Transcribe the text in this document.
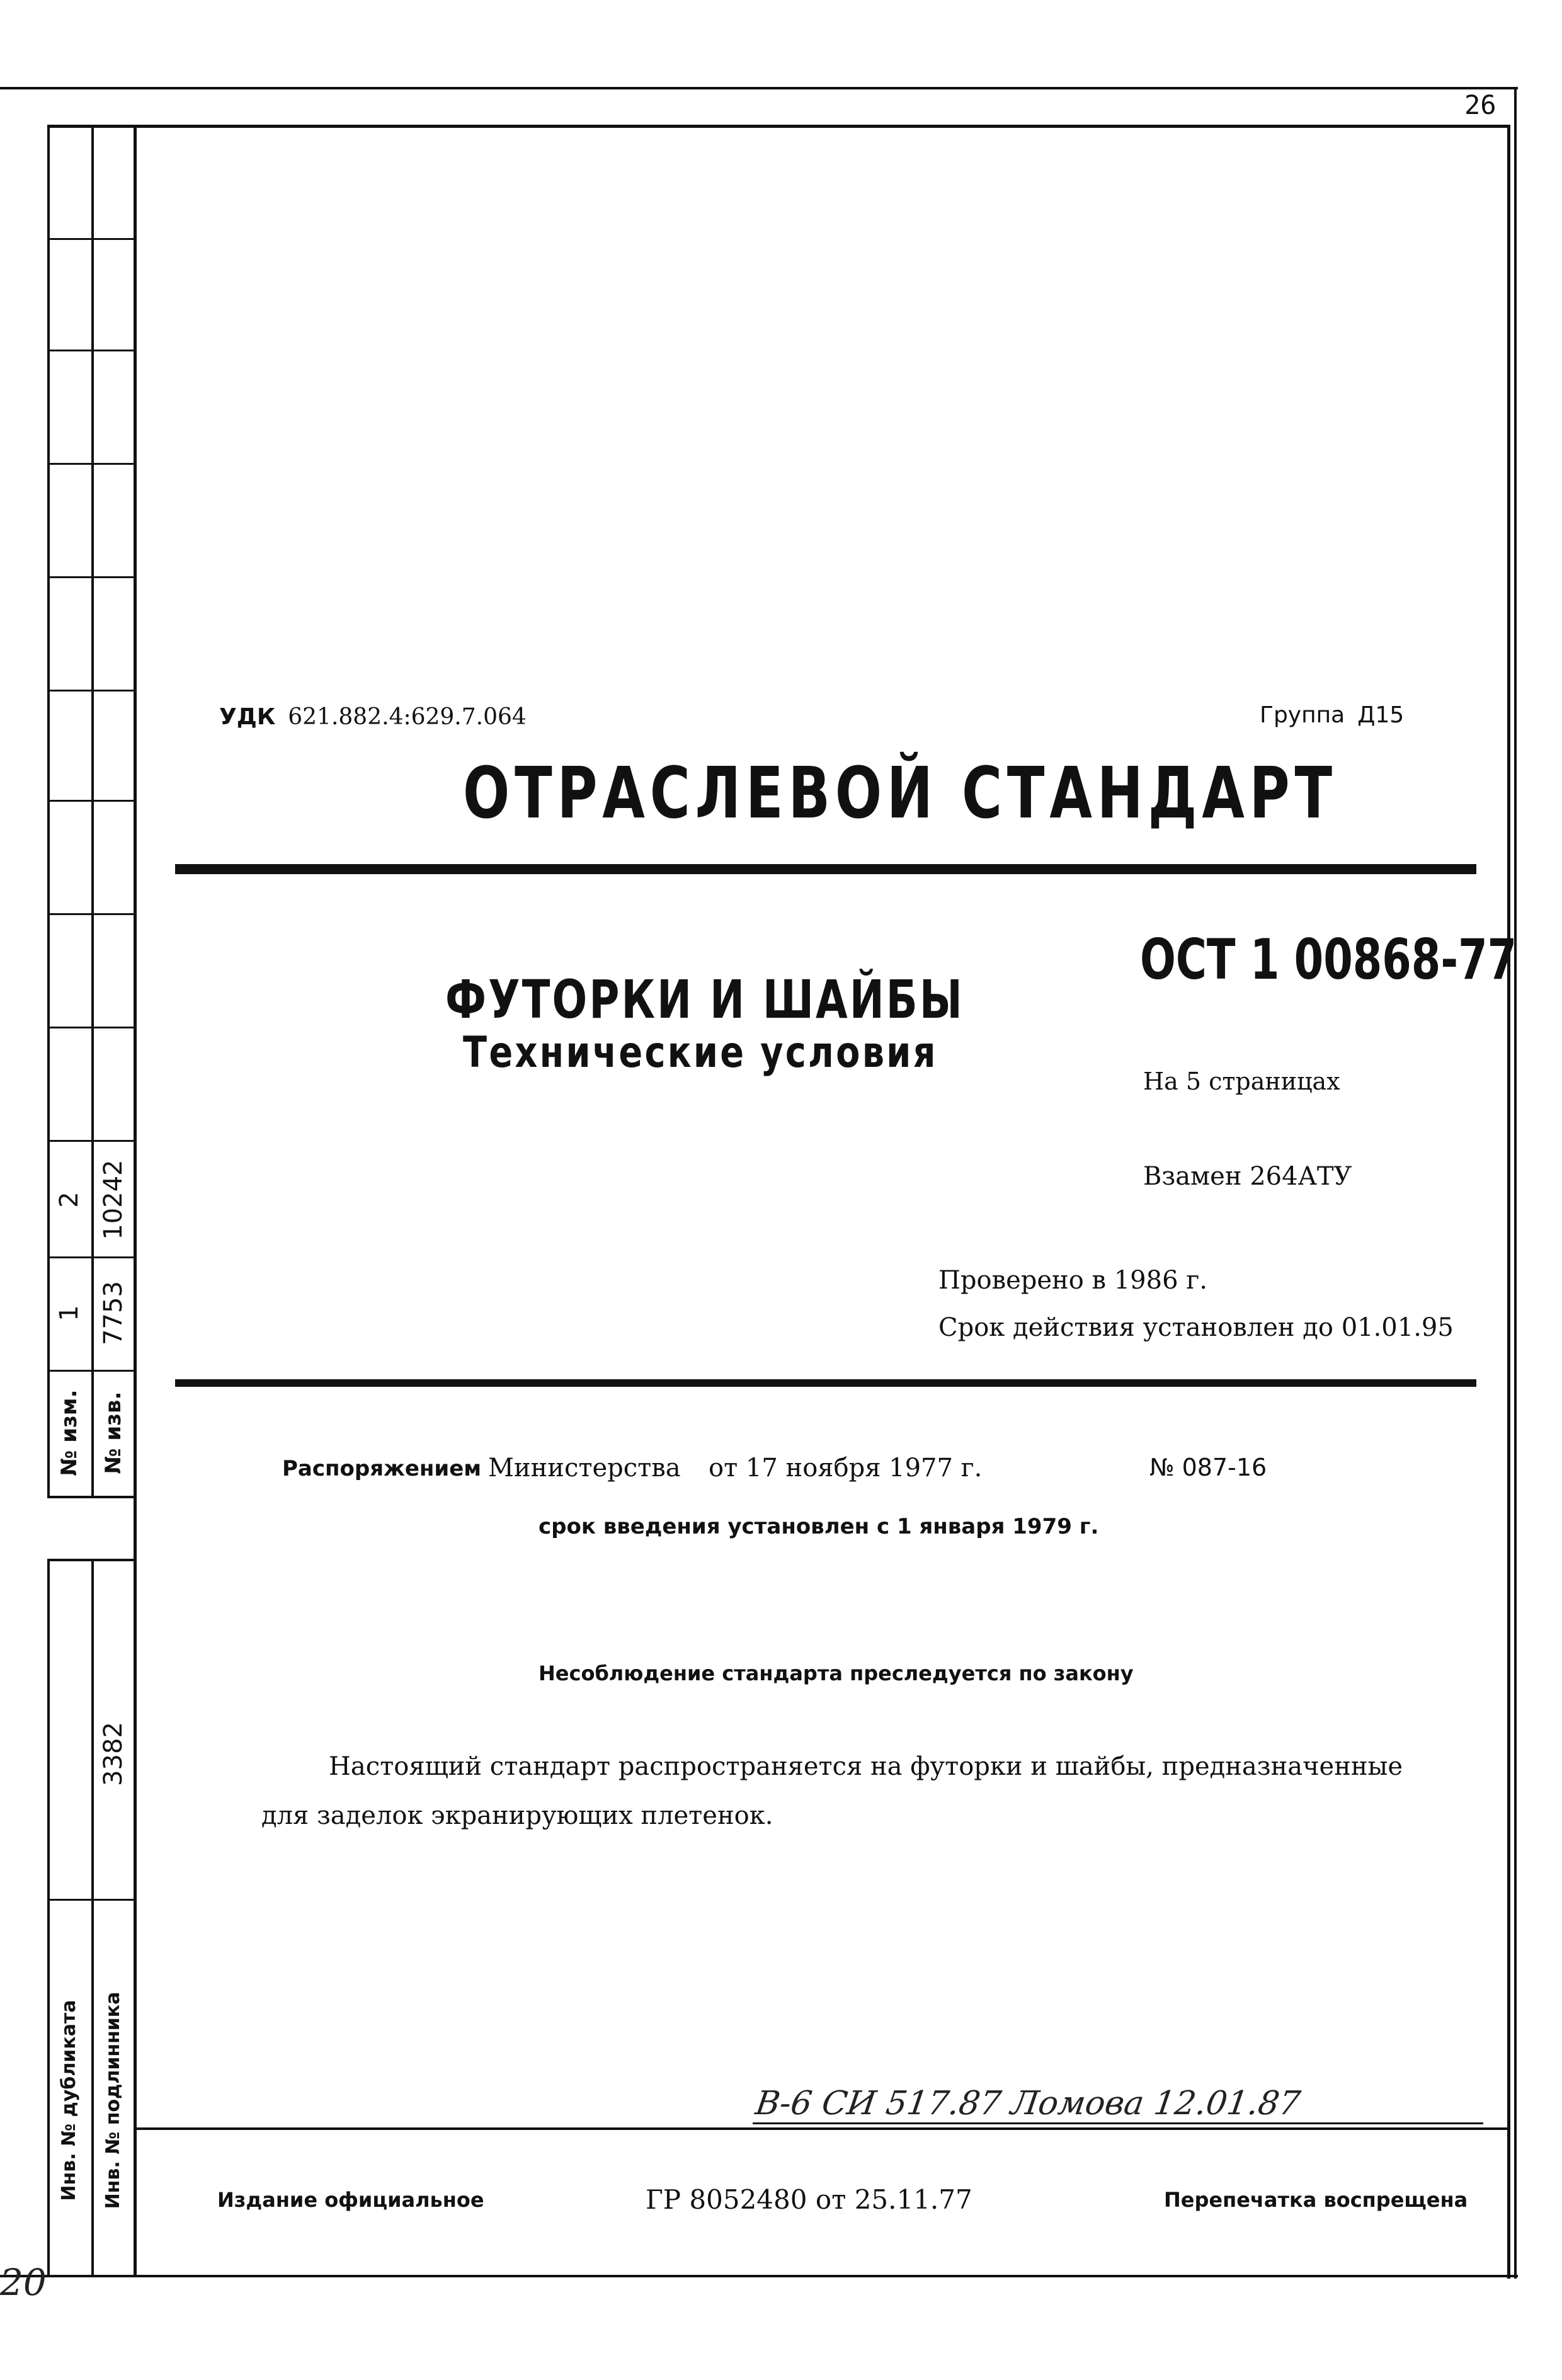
26
2 10242
1 7753
№ изм. № изв.
3382
Инв. № дубликата Инв. № подлинника
20
УДК 621.882.4:629.7.064	Группа Д15
ОТРАСЛЕВОЙ СТАНДАРТ
ОСТ 1 00868-77
ФУТОРКИ И ШАЙБЫ
Технические условия
На 5 страницах
Взамен 264АТУ
Проверено в 1986 г.
Срок действия установлен до 01.01.95
Распоряжением Министерства от 17 ноября 1977 г.	№ 087-16
срок введения установлен с 1 января 1979 г.
Несоблюдение стандарта преследуется по закону
Настоящий стандарт распространяется на футорки и шайбы, предназначенные
для заделок экранирующих плетенок.
В-6 СИ 517.87 Ломова 12.01.87
Издание официальное	ГР 8052480 от 25.11.77	Перепечатка воспрещена
